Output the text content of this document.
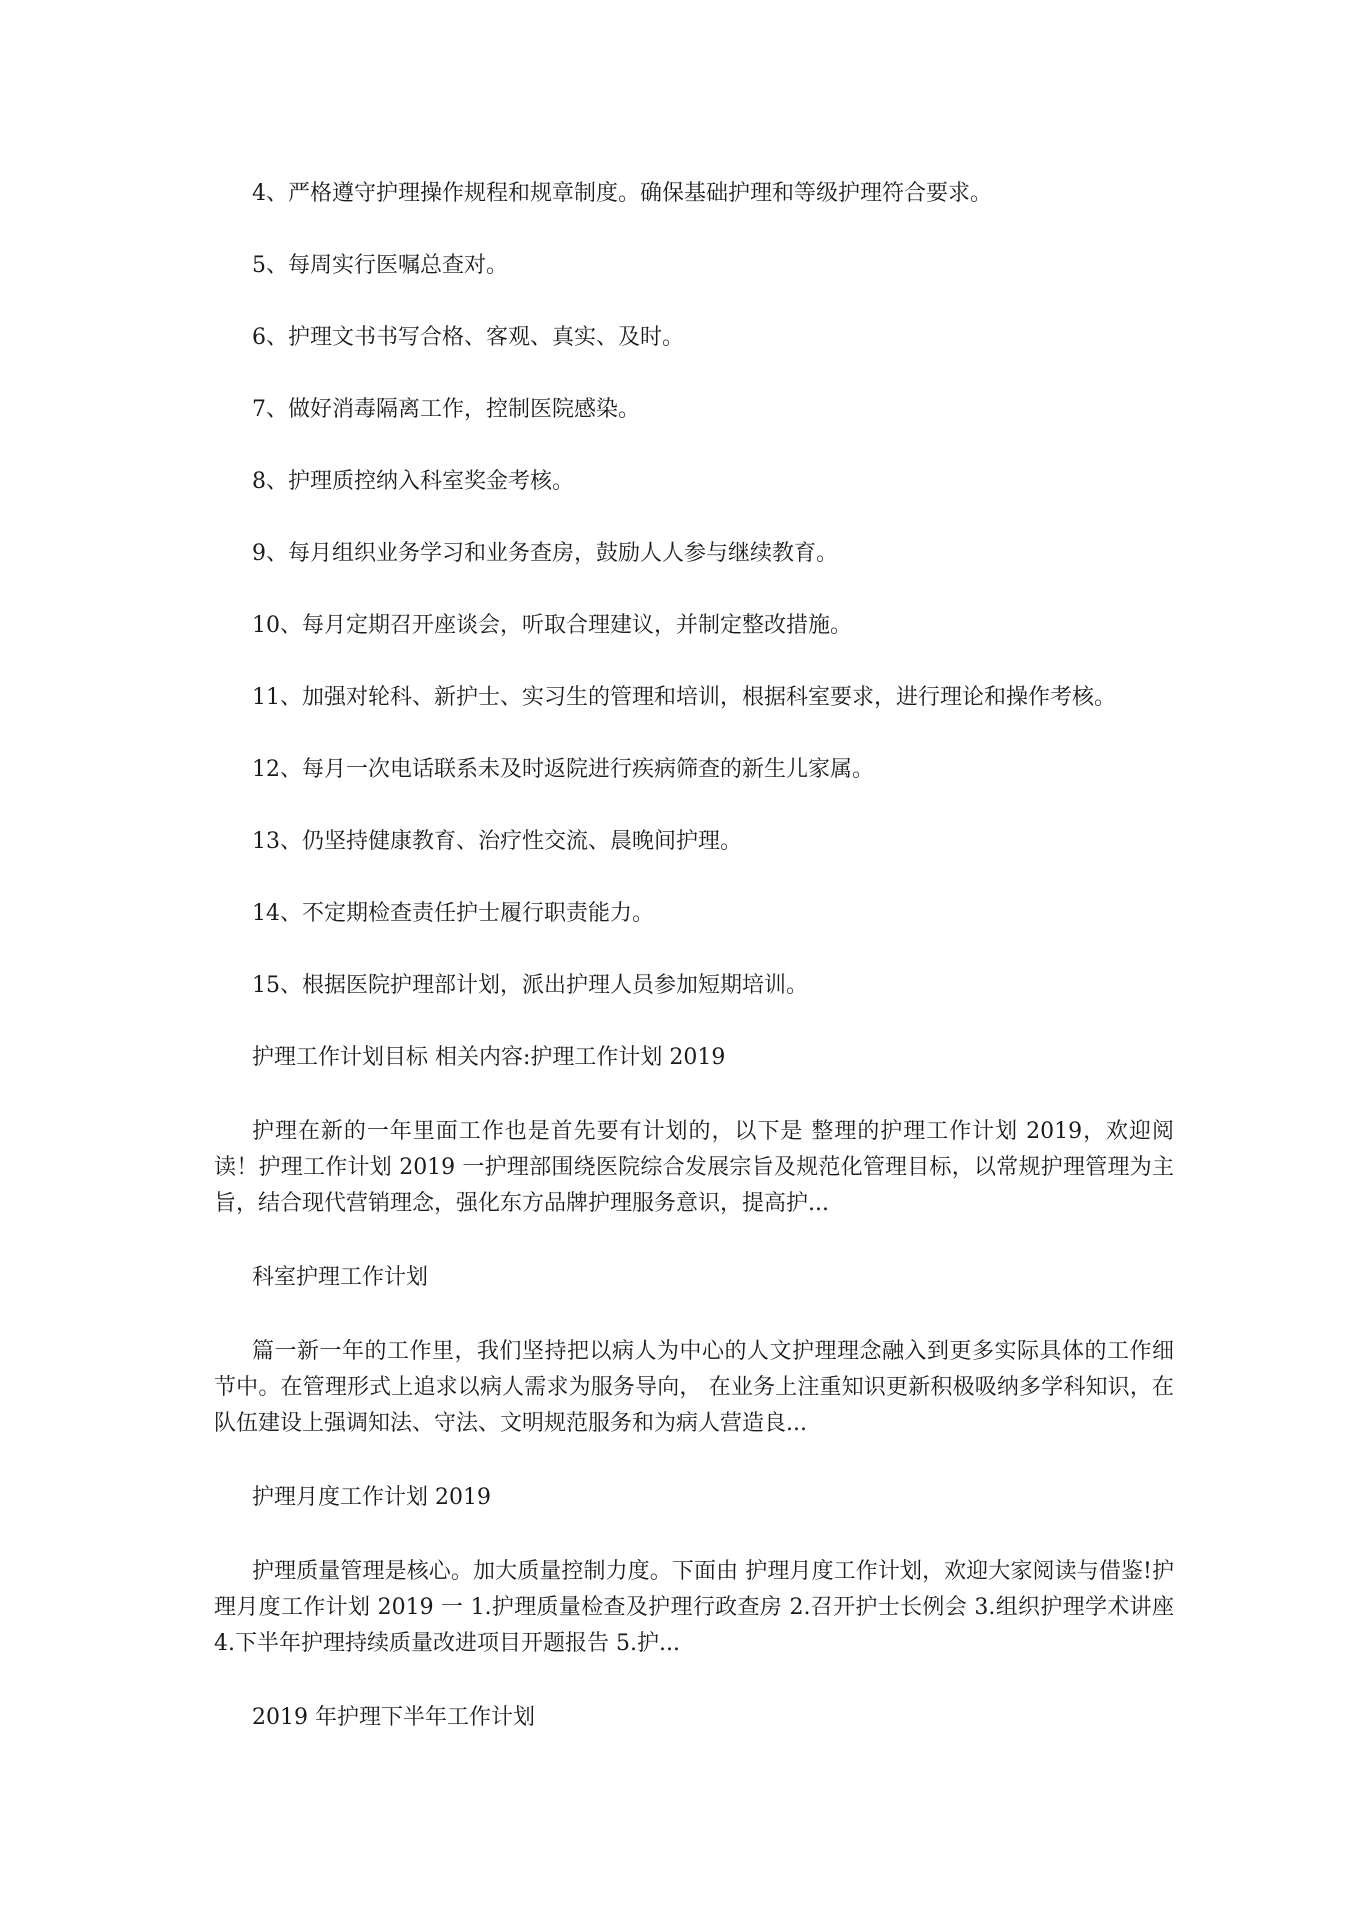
4、严格遵守护理操作规程和规章制度。确保基础护理和等级护理符合要求。
5、每周实行医嘱总查对。
6、护理文书书写合格、客观、真实、及时。
7、做好消毒隔离工作，控制医院感染。
8、护理质控纳入科室奖金考核。
9、每月组织业务学习和业务查房，鼓励人人参与继续教育。
10、每月定期召开座谈会，听取合理建议，并制定整改措施。
11、加强对轮科、新护士、实习生的管理和培训，根据科室要求，进行理论和操作考核。
12、每月一次电话联系未及时返院进行疾病筛查的新生儿家属。
13、仍坚持健康教育、治疗性交流、晨晚间护理。
14、不定期检查责任护士履行职责能力。
15、根据医院护理部计划，派出护理人员参加短期培训。
护理工作计划目标 相关内容:护理工作计划 2019
护理在新的一年里面工作也是首先要有计划的，以下是 整理的护理工作计划 2019，欢迎阅读！护理工作计划 2019 一护理部围绕医院综合发展宗旨及规范化管理目标，以常规护理管理为主旨，结合现代营销理念，强化东方品牌护理服务意识，提高护...
科室护理工作计划
篇一新一年的工作里，我们坚持把以病人为中心的人文护理理念融入到更多实际具体的工作细节中。在管理形式上追求以病人需求为服务导向， 在业务上注重知识更新积极吸纳多学科知识，在队伍建设上强调知法、守法、文明规范服务和为病人营造良...
护理月度工作计划 2019
护理质量管理是核心。加大质量控制力度。下面由 护理月度工作计划，欢迎大家阅读与借鉴!护理月度工作计划 2019 一 1.护理质量检查及护理行政查房 2.召开护士长例会 3.组织护理学术讲座 4.下半年护理持续质量改进项目开题报告 5.护...
2019 年护理下半年工作计划
